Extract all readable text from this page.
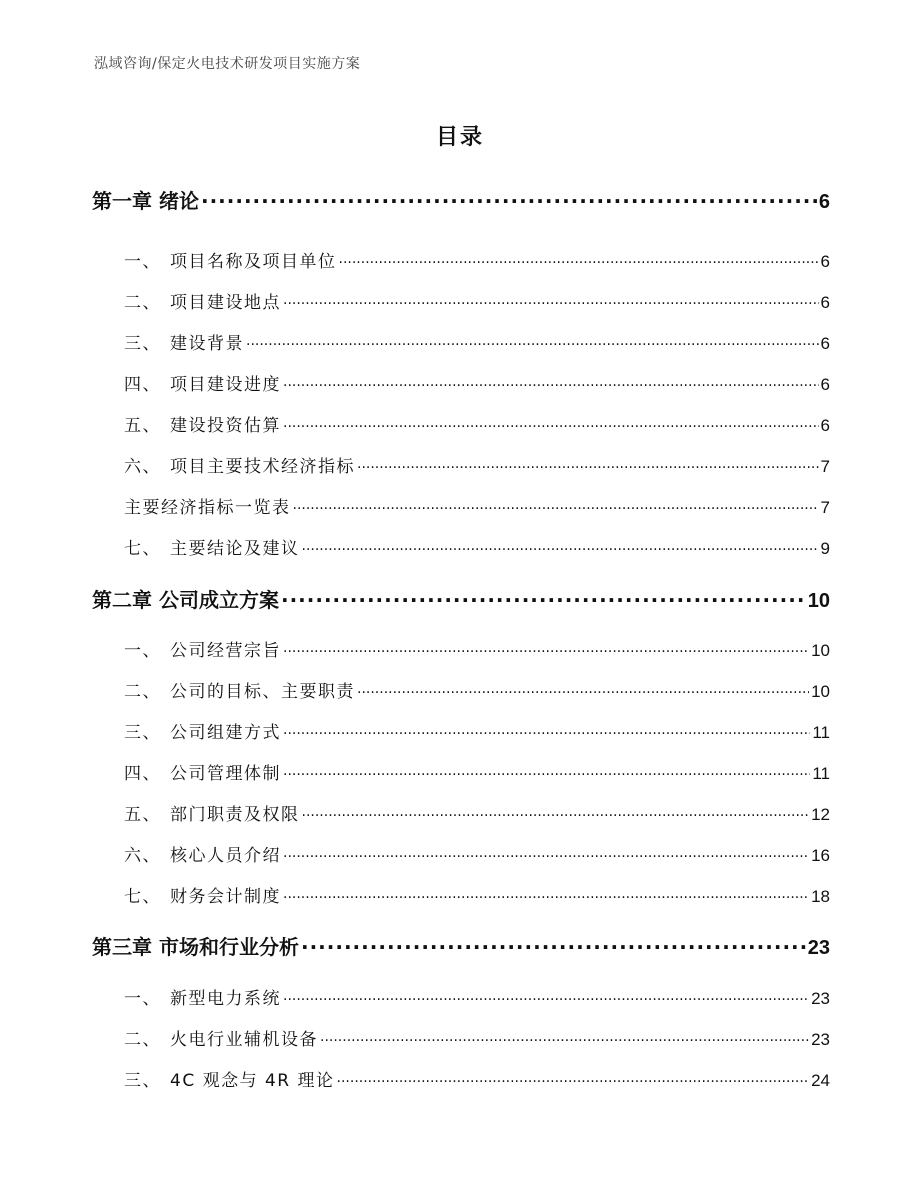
泓域咨询/保定火电技术研发项目实施方案
目录
第一章 绪论 .....	6
一、 项目名称及项目单位 .....	6
二、 项目建设地点 .....	6
三、 建设背景 .....	6
四、 项目建设进度 .....	6
五、 建设投资估算 .....	6
六、 项目主要技术经济指标 .....	7
主要经济指标一览表 .....	7
七、 主要结论及建议 .....	9
第二章 公司成立方案 .....	10
一、 公司经营宗旨 .....	10
二、 公司的目标、主要职责 .....	10
三、 公司组建方式 .....	11
四、 公司管理体制 .....	11
五、 部门职责及权限 .....	12
六、 核心人员介绍 .....	16
七、 财务会计制度 .....	18
第三章 市场和行业分析 .....	23
一、 新型电力系统 .....	23
二、 火电行业辅机设备 .....	23
三、 4C 观念与 4R 理论 .....	24
